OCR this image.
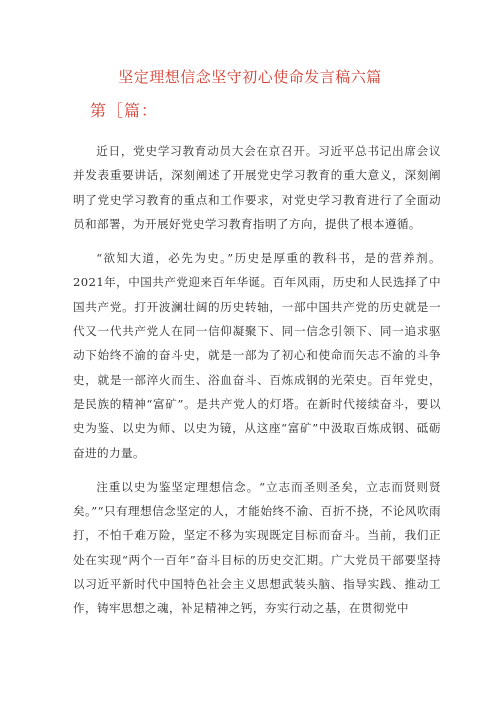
坚定理想信念坚守初心使命发言稿六篇
第［篇：

近日，党史学习教育动员大会在京召开。习近平总书记出席会议并发表重要讲话，深刻阐述了开展党史学习教育的重大意义，深刻阐明了党史学习教育的重点和工作要求，对党史学习教育进行了全面动员和部署，为开展好党史学习教育指明了方向，提供了根本遵循。

“欲知大道，必先为史。”历史是厚重的教科书，是的营养剂。2021年，中国共产党迎来百年华诞。百年风雨，历史和人民选择了中国共产党。打开波澜壮阔的历史转轴，一部中国共产党的历史就是一代又一代共产党人在同一信仰凝聚下、同一信念引领下、同一追求驱动下始终不渝的奋斗史，就是一部为了初心和使命而矢志不渝的斗争史，就是一部淬火而生、浴血奋斗、百炼成钢的光荣史。百年党史，是民族的精神“富矿”。是共产党人的灯塔。在新时代接续奋斗，要以史为鉴、以史为师、以史为镜，从这座“富矿”中汲取百炼成钢、砥砺奋进的力量。

注重以史为鉴坚定理想信念。“立志而圣则圣矣，立志而贤则贤矣。”“只有理想信念坚定的人，才能始终不渝、百折不挠，不论风吹雨打，不怕千难万险，坚定不移为实现既定目标而奋斗。当前，我们正处在实现“两个一百年”奋斗目标的历史交汇期。广大党员干部要坚持以习近平新时代中国特色社会主义思想武装头脑、指导实践、推动工作，铸牢思想之魂，补足精神之钙，夯实行动之基，在贯彻党中
